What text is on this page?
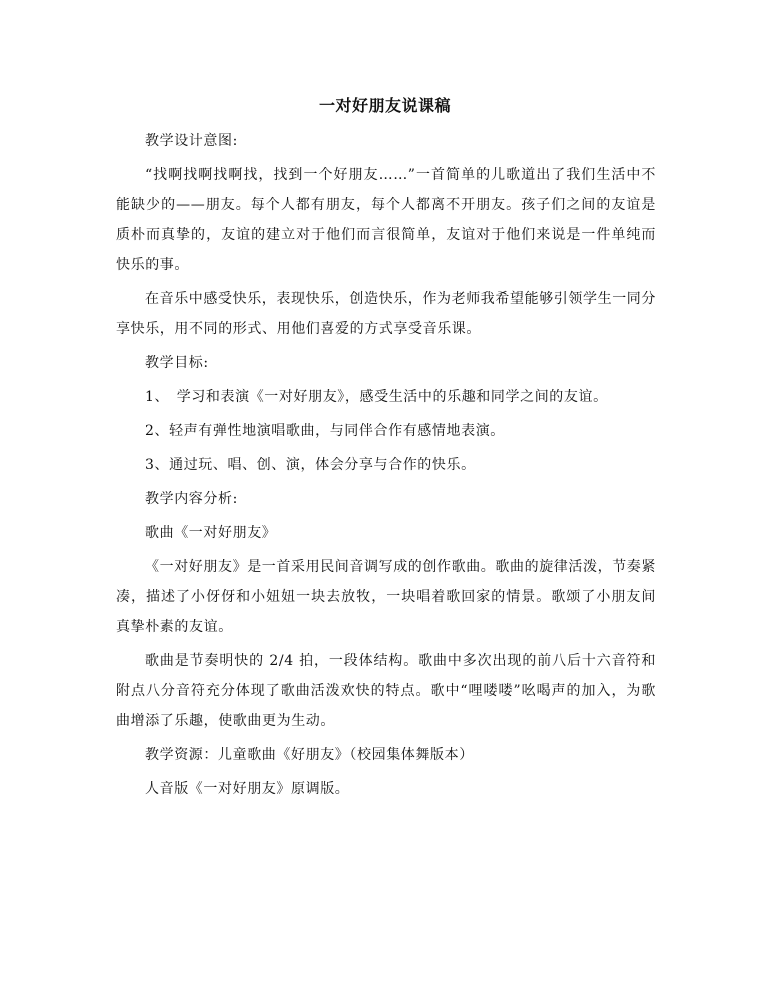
一对好朋友说课稿

教学设计意图:

“找啊找啊找啊找，找到一个好朋友……”一首简单的儿歌道出了我们生活中不能缺少的——朋友。每个人都有朋友，每个人都离不开朋友。孩子们之间的友谊是质朴而真挚的，友谊的建立对于他们而言很简单，友谊对于他们来说是一件单纯而快乐的事。

在音乐中感受快乐，表现快乐，创造快乐，作为老师我希望能够引领学生一同分享快乐，用不同的形式、用他们喜爱的方式享受音乐课。

教学目标:

1、　学习和表演《一对好朋友》，感受生活中的乐趣和同学之间的友谊。

2、轻声有弹性地演唱歌曲，与同伴合作有感情地表演。

3、通过玩、唱、创、演，体会分享与合作的快乐。

教学内容分析:

歌曲《一对好朋友》

《一对好朋友》是一首采用民间音调写成的创作歌曲。歌曲的旋律活泼，节奏紧凑，描述了小伢伢和小妞妞一块去放牧，一块唱着歌回家的情景。歌颂了小朋友间真挚朴素的友谊。

歌曲是节奏明快的 2/4 拍，一段体结构。歌曲中多次出现的前八后十六音符和附点八分音符充分体现了歌曲活泼欢快的特点。歌中“哩喽喽”吆喝声的加入，为歌曲增添了乐趣，使歌曲更为生动。

教学资源：儿童歌曲《好朋友》（校园集体舞版本）

人音版《一对好朋友》原调版。
